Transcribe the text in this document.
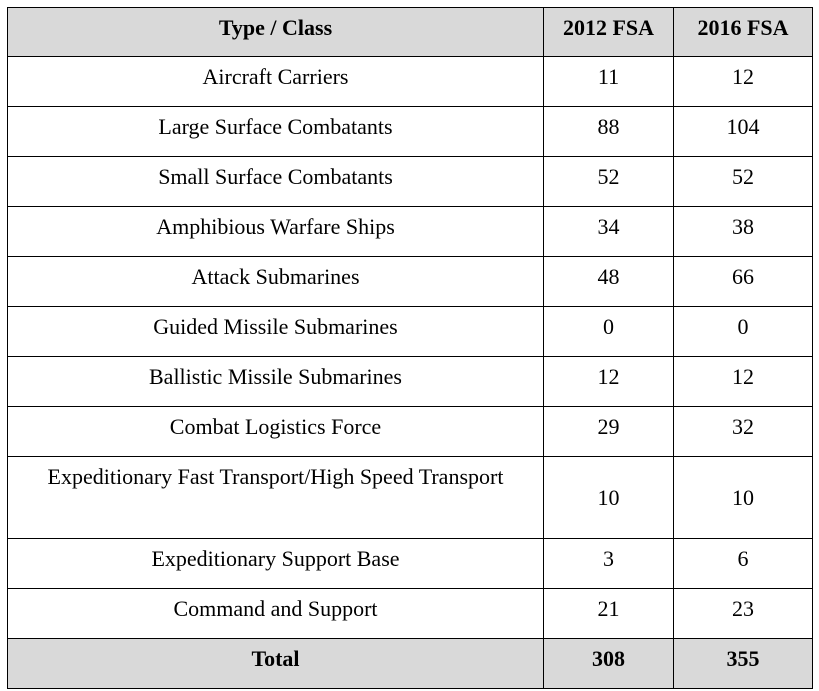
Type / Class	2012 FSA	2016 FSA
Aircraft Carriers	11	12
Large Surface Combatants	88	104
Small Surface Combatants	52	52
Amphibious Warfare Ships	34	38
Attack Submarines	48	66
Guided Missile Submarines	0	0
Ballistic Missile Submarines	12	12
Combat Logistics Force	29	32
Expeditionary Fast Transport/High Speed Transport	10	10
Expeditionary Support Base	3	6
Command and Support	21	23
Total	308	355
